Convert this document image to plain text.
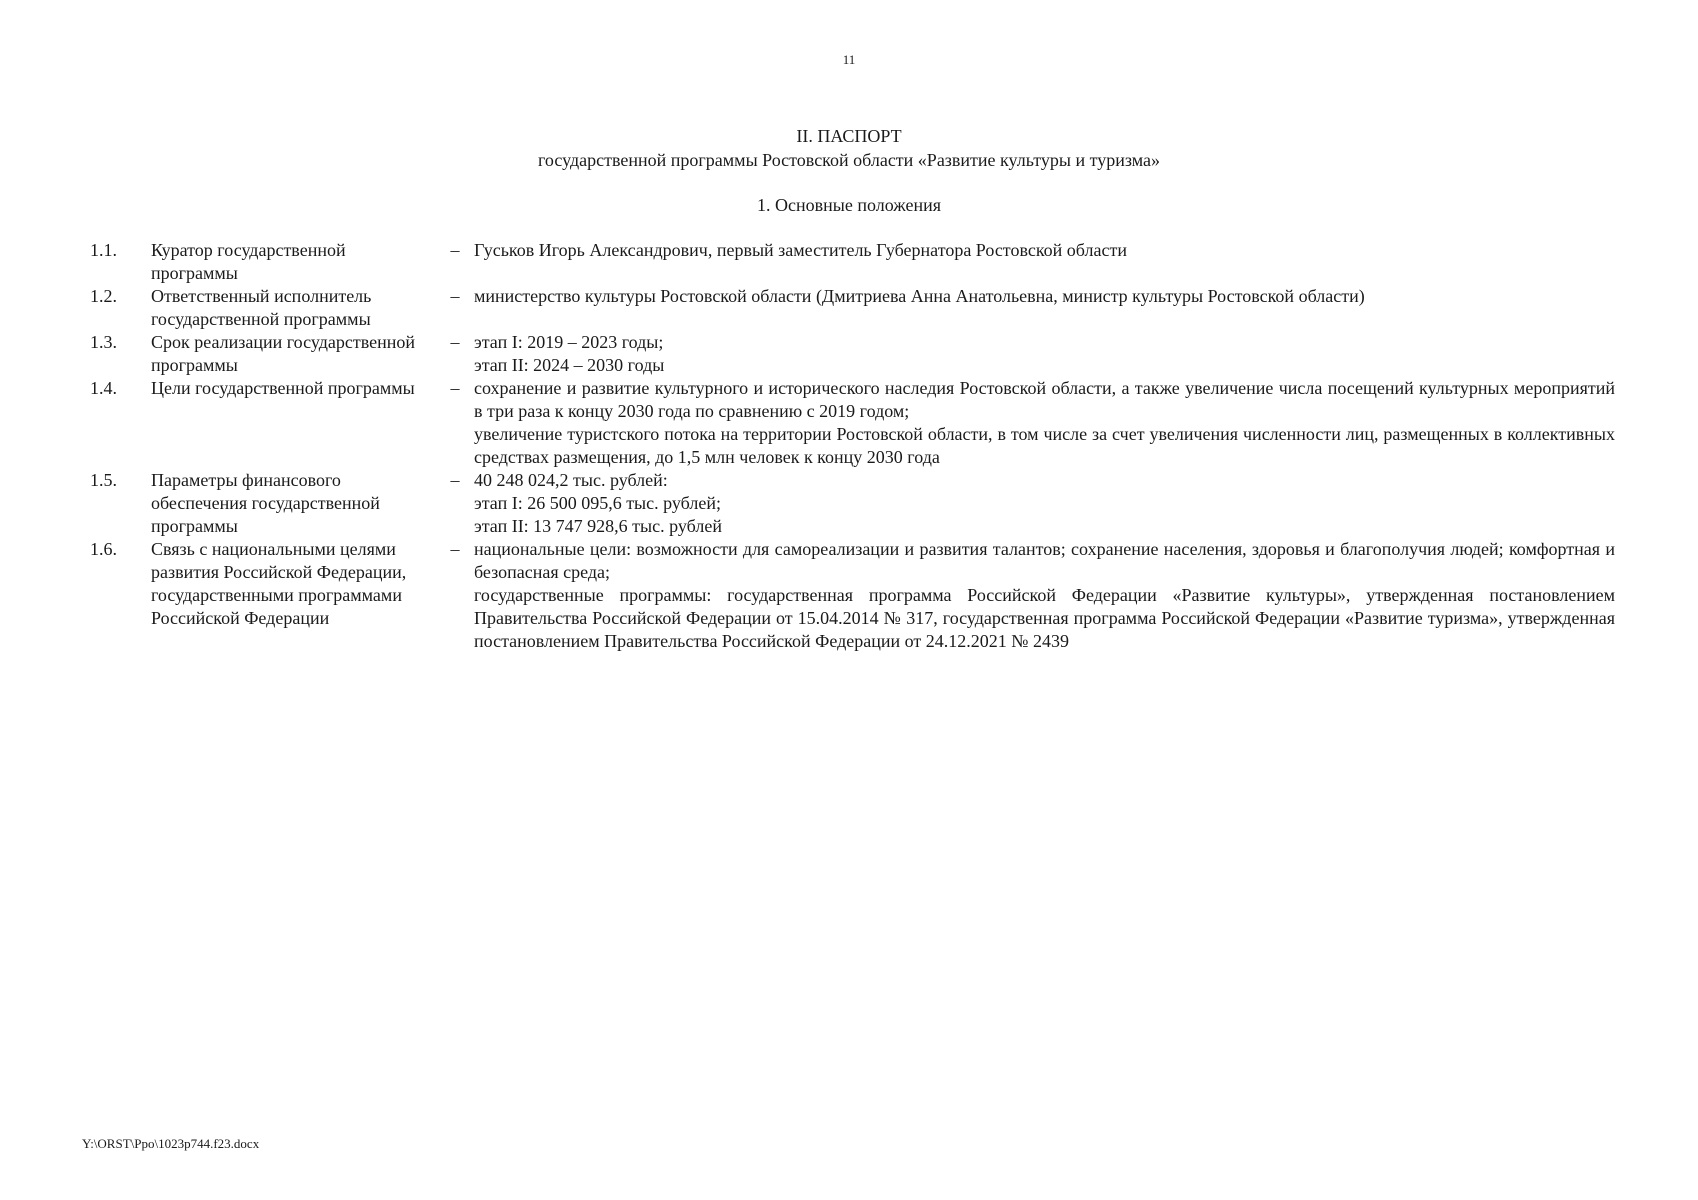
11
II. ПАСПОРТ
государственной программы Ростовской области «Развитие культуры и туризма»
1. Основные положения
1.1.	Куратор государственной программы	–	Гуськов Игорь Александрович, первый заместитель Губернатора Ростовской области

1.2.	Ответственный исполнитель государственной программы	–	министерство культуры Ростовской области (Дмитриева Анна Анатольевна, министр культуры Ростовской области)

1.3.	Срок реализации государственной программы	–	этап I: 2019 – 2023 годы;
этап II: 2024 – 2030 годы

1.4.	Цели государственной программы	–	сохранение и развитие культурного и исторического наследия Ростовской области, а также увеличение числа посещений культурных мероприятий в три раза к концу 2030 года по сравнению с 2019 годом;
увеличение туристского потока на территории Ростовской области, в том числе за счет увеличения численности лиц, размещенных в коллективных средствах размещения, до 1,5 млн человек к концу 2030 года

1.5.	Параметры финансового обеспечения государственной программы	–	40 248 024,2 тыс. рублей:
этап I: 26 500 095,6 тыс. рублей;
этап II: 13 747 928,6 тыс. рублей

1.6.	Связь с национальными целями развития Российской Федерации, государственными программами Российской Федерации	–	национальные цели: возможности для самореализации и развития талантов; сохранение населения, здоровья и благополучия людей; комфортная и безопасная среда;
государственные программы: государственная программа Российской Федерации «Развитие культуры», утвержденная постановлением Правительства Российской Федерации от 15.04.2014 № 317, государственная программа Российской Федерации «Развитие туризма», утвержденная постановлением Правительства Российской Федерации от 24.12.2021 № 2439
Y:\ORST\Ppo\1023p744.f23.docx
